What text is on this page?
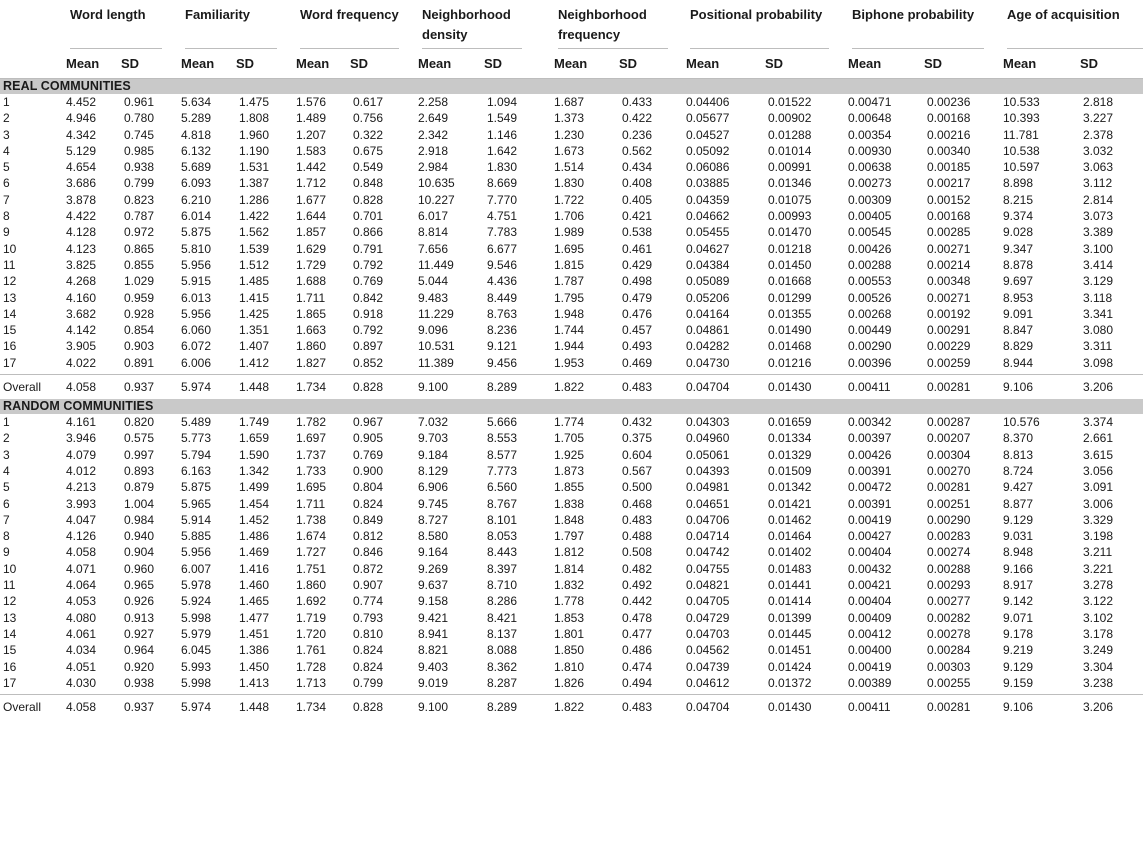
	Word length		Familiarity		Word frequency		Neighborhood density		Neighborhood frequency		Positional probability		Biphone probability		Age of acquisition	

	Mean	SD	Mean	SD	Mean	SD	Mean	SD	Mean	SD	Mean	SD	Mean	SD	Mean	SD
REAL COMMUNITIES																
1	4.452	0.961	5.634	1.475	1.576	0.617	2.258	1.094	1.687	0.433	0.04406	0.01522	0.00471	0.00236	10.533	2.818
2	4.946	0.780	5.289	1.808	1.489	0.756	2.649	1.549	1.373	0.422	0.05677	0.00902	0.00648	0.00168	10.393	3.227
3	4.342	0.745	4.818	1.960	1.207	0.322	2.342	1.146	1.230	0.236	0.04527	0.01288	0.00354	0.00216	11.781	2.378
4	5.129	0.985	6.132	1.190	1.583	0.675	2.918	1.642	1.673	0.562	0.05092	0.01014	0.00930	0.00340	10.538	3.032
5	4.654	0.938	5.689	1.531	1.442	0.549	2.984	1.830	1.514	0.434	0.06086	0.00991	0.00638	0.00185	10.597	3.063
6	3.686	0.799	6.093	1.387	1.712	0.848	10.635	8.669	1.830	0.408	0.03885	0.01346	0.00273	0.00217	8.898	3.112
7	3.878	0.823	6.210	1.286	1.677	0.828	10.227	7.770	1.722	0.405	0.04359	0.01075	0.00309	0.00152	8.215	2.814
8	4.422	0.787	6.014	1.422	1.644	0.701	6.017	4.751	1.706	0.421	0.04662	0.00993	0.00405	0.00168	9.374	3.073
9	4.128	0.972	5.875	1.562	1.857	0.866	8.814	7.783	1.989	0.538	0.05455	0.01470	0.00545	0.00285	9.028	3.389
10	4.123	0.865	5.810	1.539	1.629	0.791	7.656	6.677	1.695	0.461	0.04627	0.01218	0.00426	0.00271	9.347	3.100
11	3.825	0.855	5.956	1.512	1.729	0.792	11.449	9.546	1.815	0.429	0.04384	0.01450	0.00288	0.00214	8.878	3.414
12	4.268	1.029	5.915	1.485	1.688	0.769	5.044	4.436	1.787	0.498	0.05089	0.01668	0.00553	0.00348	9.697	3.129
13	4.160	0.959	6.013	1.415	1.711	0.842	9.483	8.449	1.795	0.479	0.05206	0.01299	0.00526	0.00271	8.953	3.118
14	3.682	0.928	5.956	1.425	1.865	0.918	11.229	8.763	1.948	0.476	0.04164	0.01355	0.00268	0.00192	9.091	3.341
15	4.142	0.854	6.060	1.351	1.663	0.792	9.096	8.236	1.744	0.457	0.04861	0.01490	0.00449	0.00291	8.847	3.080
16	3.905	0.903	6.072	1.407	1.860	0.897	10.531	9.121	1.944	0.493	0.04282	0.01468	0.00290	0.00229	8.829	3.311
17	4.022	0.891	6.006	1.412	1.827	0.852	11.389	9.456	1.953	0.469	0.04730	0.01216	0.00396	0.00259	8.944	3.098

Overall	4.058	0.937	5.974	1.448	1.734	0.828	9.100	8.289	1.822	0.483	0.04704	0.01430	0.00411	0.00281	9.106	3.206
RANDOM COMMUNITIES																
1	4.161	0.820	5.489	1.749	1.782	0.967	7.032	5.666	1.774	0.432	0.04303	0.01659	0.00342	0.00287	10.576	3.374
2	3.946	0.575	5.773	1.659	1.697	0.905	9.703	8.553	1.705	0.375	0.04960	0.01334	0.00397	0.00207	8.370	2.661
3	4.079	0.997	5.794	1.590	1.737	0.769	9.184	8.577	1.925	0.604	0.05061	0.01329	0.00426	0.00304	8.813	3.615
4	4.012	0.893	6.163	1.342	1.733	0.900	8.129	7.773	1.873	0.567	0.04393	0.01509	0.00391	0.00270	8.724	3.056
5	4.213	0.879	5.875	1.499	1.695	0.804	6.906	6.560	1.855	0.500	0.04981	0.01342	0.00472	0.00281	9.427	3.091
6	3.993	1.004	5.965	1.454	1.711	0.824	9.745	8.767	1.838	0.468	0.04651	0.01421	0.00391	0.00251	8.877	3.006
7	4.047	0.984	5.914	1.452	1.738	0.849	8.727	8.101	1.848	0.483	0.04706	0.01462	0.00419	0.00290	9.129	3.329
8	4.126	0.940	5.885	1.486	1.674	0.812	8.580	8.053	1.797	0.488	0.04714	0.01464	0.00427	0.00283	9.031	3.198
9	4.058	0.904	5.956	1.469	1.727	0.846	9.164	8.443	1.812	0.508	0.04742	0.01402	0.00404	0.00274	8.948	3.211
10	4.071	0.960	6.007	1.416	1.751	0.872	9.269	8.397	1.814	0.482	0.04755	0.01483	0.00432	0.00288	9.166	3.221
11	4.064	0.965	5.978	1.460	1.860	0.907	9.637	8.710	1.832	0.492	0.04821	0.01441	0.00421	0.00293	8.917	3.278
12	4.053	0.926	5.924	1.465	1.692	0.774	9.158	8.286	1.778	0.442	0.04705	0.01414	0.00404	0.00277	9.142	3.122
13	4.080	0.913	5.998	1.477	1.719	0.793	9.421	8.421	1.853	0.478	0.04729	0.01399	0.00409	0.00282	9.071	3.102
14	4.061	0.927	5.979	1.451	1.720	0.810	8.941	8.137	1.801	0.477	0.04703	0.01445	0.00412	0.00278	9.178	3.178
15	4.034	0.964	6.045	1.386	1.761	0.824	8.821	8.088	1.850	0.486	0.04562	0.01451	0.00400	0.00284	9.219	3.249
16	4.051	0.920	5.993	1.450	1.728	0.824	9.403	8.362	1.810	0.474	0.04739	0.01424	0.00419	0.00303	9.129	3.304
17	4.030	0.938	5.998	1.413	1.713	0.799	9.019	8.287	1.826	0.494	0.04612	0.01372	0.00389	0.00255	9.159	3.238

Overall	4.058	0.937	5.974	1.448	1.734	0.828	9.100	8.289	1.822	0.483	0.04704	0.01430	0.00411	0.00281	9.106	3.206
